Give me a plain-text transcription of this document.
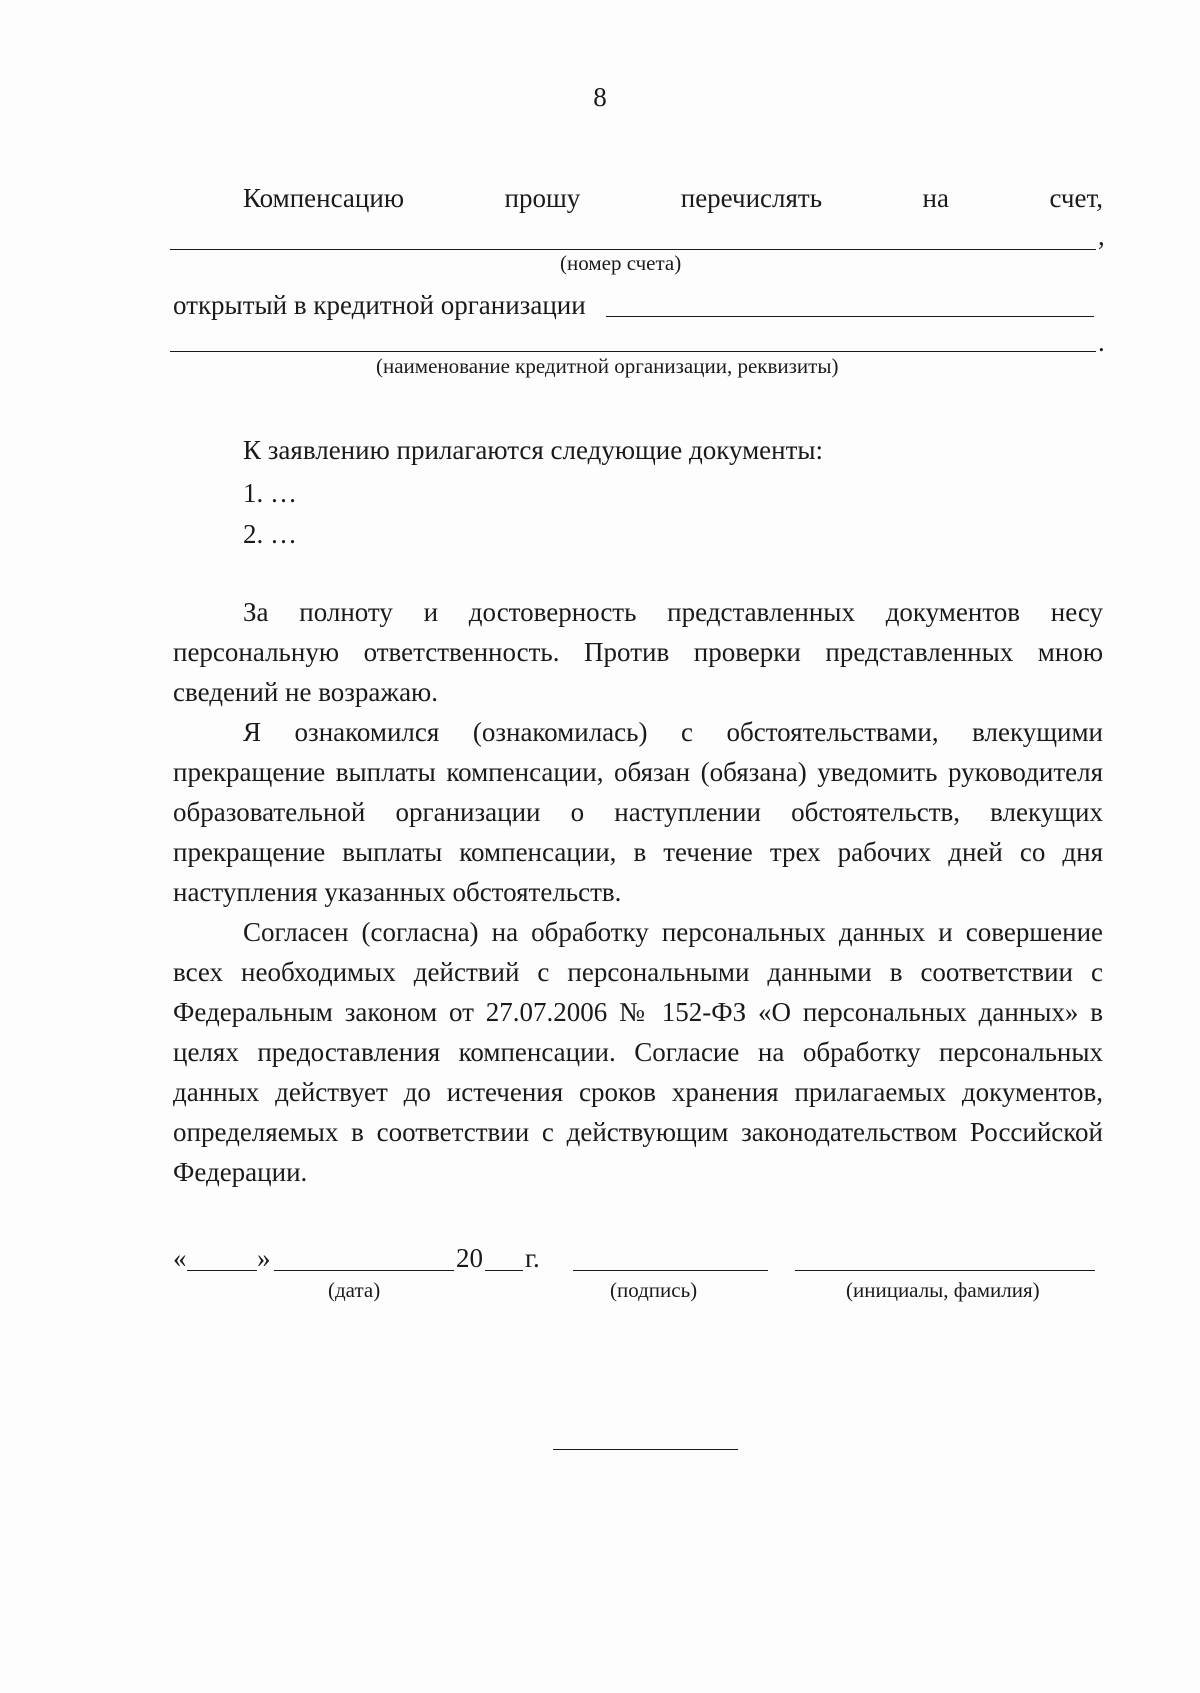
8
Компенсацию	прошу	перечислять	на	счет,
,
(номер счета)
открытый в кредитной организации
.
(наименование кредитной организации, реквизиты)
К заявлению прилагаются следующие документы:
1. …
2. …

За полноту и достоверность представленных документов несу персональную ответственность. Против проверки представленных мною сведений не возражаю.

Я ознакомился (ознакомилась) с обстоятельствами, влекущими прекращение выплаты компенсации, обязан (обязана) уведомить руководителя образовательной организации о наступлении обстоятельств, влекущих прекращение выплаты компенсации, в течение трех рабочих дней со дня наступления указанных обстоятельств.

Согласен (согласна) на обработку персональных данных и совершение всех необходимых действий с персональными данными в соответствии с Федеральным законом от 27.07.2006 № 152-ФЗ «О персональных данных» в целях предоставления компенсации. Согласие на обработку персональных данных действует до истечения сроков хранения прилагаемых документов, определяемых в соответствии с действующим законодательством Российской Федерации.

«	»	20 г.
(дата)	(подпись)	(инициалы, фамилия)
